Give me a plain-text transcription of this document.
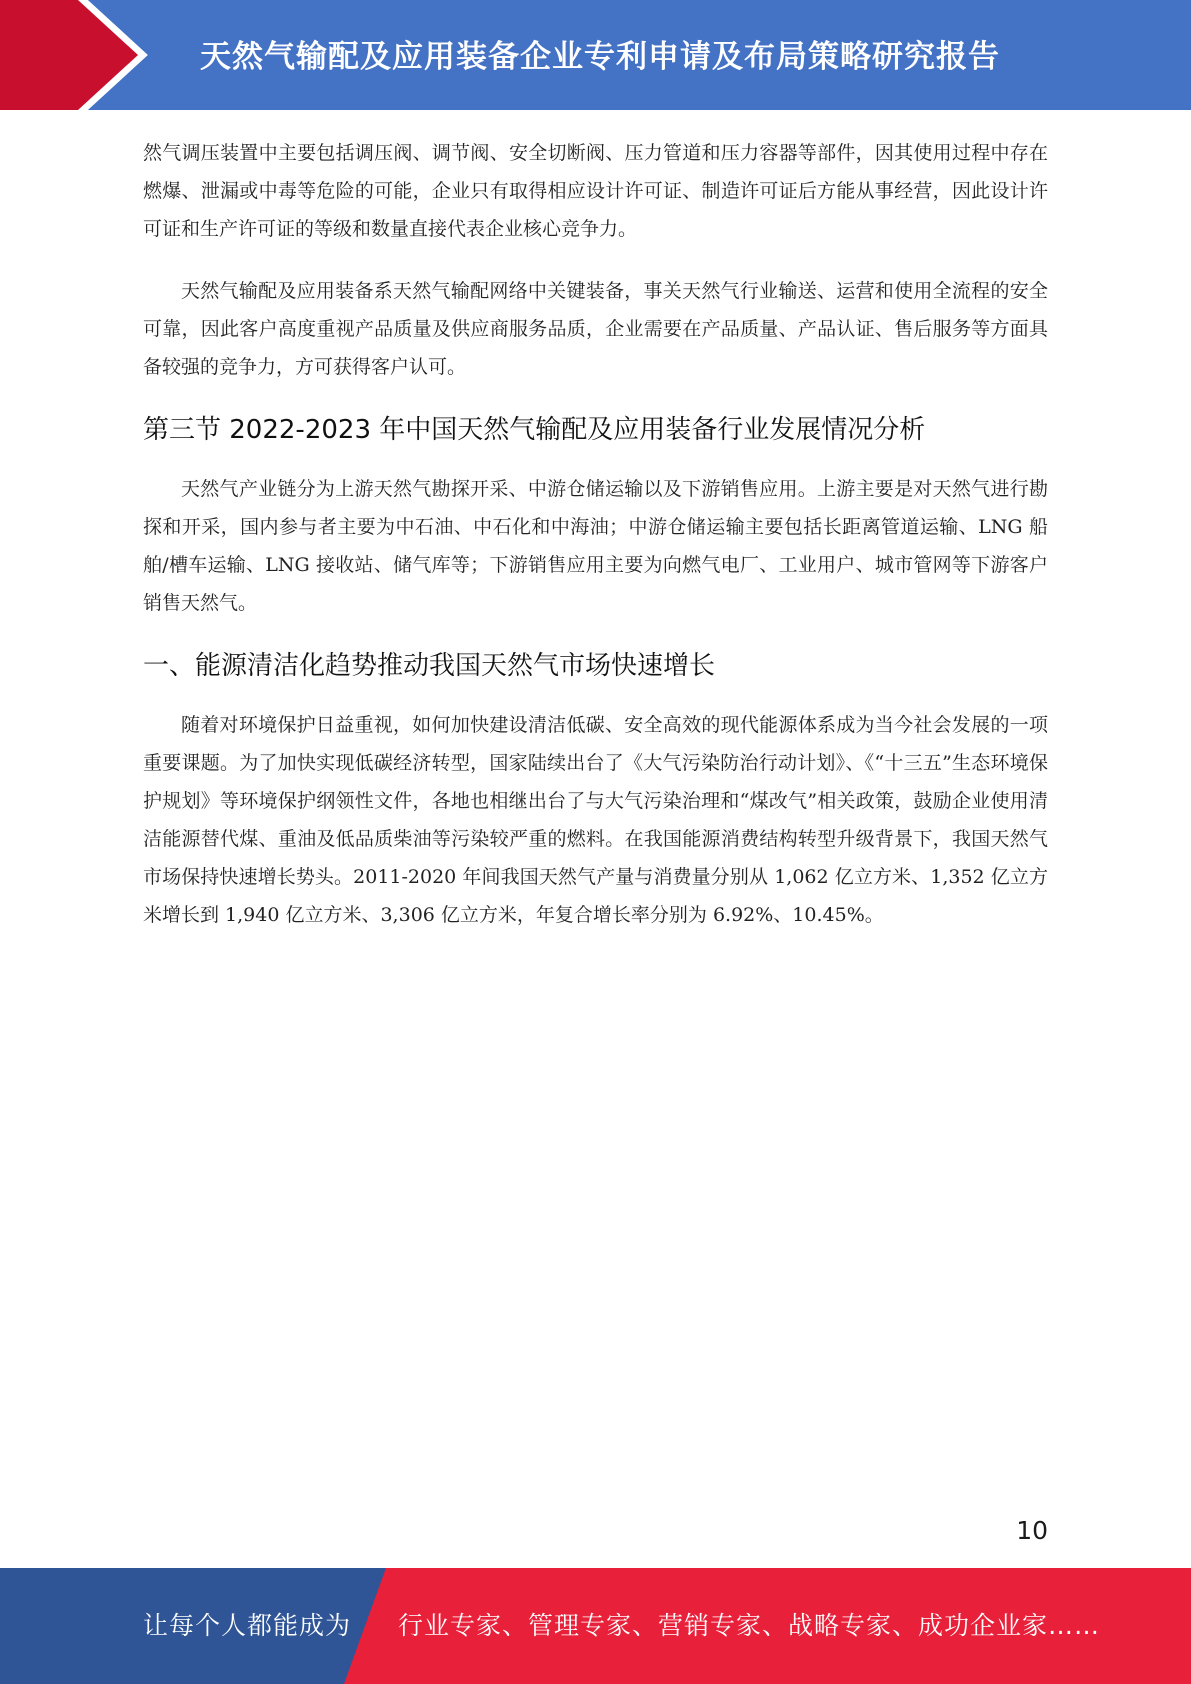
天然气输配及应用装备企业专利申请及布局策略研究报告

然气调压装置中主要包括调压阀、调节阀、安全切断阀、压力管道和压力容器等部件，因其使用过程中存在燃爆、泄漏或中毒等危险的可能，企业只有取得相应设计许可证、制造许可证后方能从事经营，因此设计许可证和生产许可证的等级和数量直接代表企业核心竞争力。

天然气输配及应用装备系天然气输配网络中关键装备，事关天然气行业输送、运营和使用全流程的安全可靠，因此客户高度重视产品质量及供应商服务品质，企业需要在产品质量、产品认证、售后服务等方面具备较强的竞争力，方可获得客户认可。

第三节 2022-2023 年中国天然气输配及应用装备行业发展情况分析

天然气产业链分为上游天然气勘探开采、中游仓储运输以及下游销售应用。上游主要是对天然气进行勘探和开采，国内参与者主要为中石油、中石化和中海油；中游仓储运输主要包括长距离管道运输、LNG 船舶/槽车运输、LNG 接收站、储气库等；下游销售应用主要为向燃气电厂、工业用户、城市管网等下游客户销售天然气。

一、能源清洁化趋势推动我国天然气市场快速增长

随着对环境保护日益重视，如何加快建设清洁低碳、安全高效的现代能源体系成为当今社会发展的一项重要课题。为了加快实现低碳经济转型，国家陆续出台了《大气污染防治行动计划》、《“十三五”生态环境保护规划》等环境保护纲领性文件，各地也相继出台了与大气污染治理和“煤改气”相关政策，鼓励企业使用清洁能源替代煤、重油及低品质柴油等污染较严重的燃料。在我国能源消费结构转型升级背景下，我国天然气市场保持快速增长势头。2011-2020 年间我国天然气产量与消费量分别从 1,062 亿立方米、1,352 亿立方米增长到 1,940 亿立方米、3,306 亿立方米，年复合增长率分别为 6.92%、10.45%。

10
让每个人都能成为 行业专家、管理专家、营销专家、战略专家、成功企业家……
